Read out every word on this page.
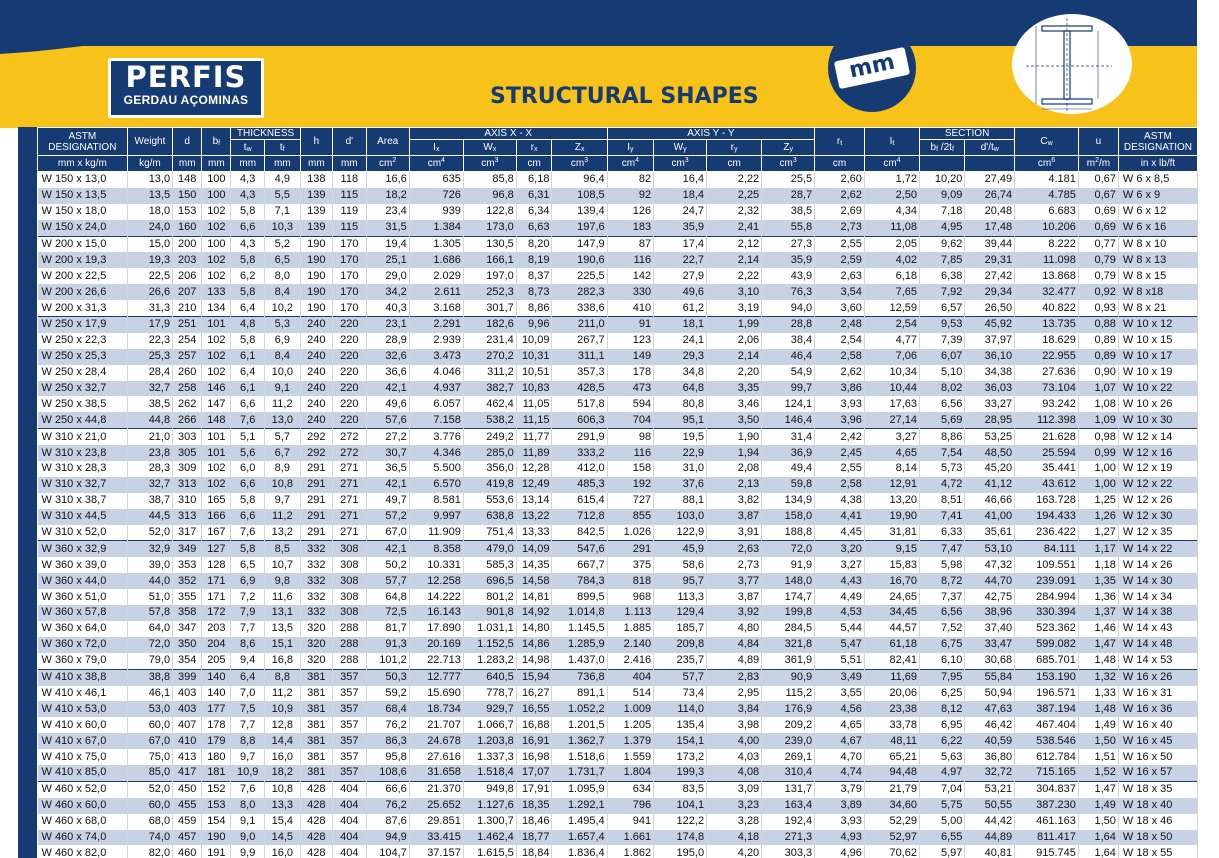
PERFIS
GERDAU AÇOMINAS	STRUCTURAL SHAPES
mm
ASTM
DESIGNATION	Weight	d	$b_f$	THICKNESS		h	d'	Area	AXIS X - X				AXIS Y - Y				$r_t$	$I_t$	SECTION		$C_w$	u	ASTM
DESIGNATION
				$t_w$	$t_f$				$I_x$	$W_x$	$r_x$	$Z_x$	$I_y$	$W_y$	$r_y$	$Z_y$			$b_f$ $/2t_f$	$d'/t_w$
mm x kg/m	kg/m	mm	mm	mm	mm	mm	mm	$cm^2$	$cm^4$	$cm^3$	cm	$cm^3$	$cm^4$	$cm^3$	cm	$cm^3$	cm	$cm^4$			$cm^6$	$m^2/m$	in x lb/ft
W 150 x 13,0	13,0	148	100	4,3	4,9	138	118	16,6	635	85,8	6,18	96,4	82	16,4	2,22	25,5	2,60	1,72	10,20	27,49	4.181	0,67	W 6 x 8,5
W 150 x 13,5	13,5	150	100	4,3	5,5	139	115	18,2	726	96,8	6,31	108,5	92	18,4	2,25	28,7	2,62	2,50	9,09	26,74	4.785	0,67	W 6 x 9
W 150 x 18,0	18,0	153	102	5,8	7,1	139	119	23,4	939	122,8	6,34	139,4	126	24,7	2,32	38,5	2,69	4,34	7,18	20,48	6.683	0,69	W 6 x 12
W 150 x 24,0	24,0	160	102	6,6	10,3	139	115	31,5	1.384	173,0	6,63	197,6	183	35,9	2,41	55,8	2,73	11,08	4,95	17,48	10.206	0,69	W 6 x 16
W 200 x 15,0	15,0	200	100	4,3	5,2	190	170	19,4	1.305	130,5	8,20	147,9	87	17,4	2,12	27,3	2,55	2,05	9,62	39,44	8.222	0,77	W 8 x 10
W 200 x 19,3	19,3	203	102	5,8	6,5	190	170	25,1	1.686	166,1	8,19	190,6	116	22,7	2,14	35,9	2,59	4,02	7,85	29,31	11.098	0,79	W 8 x 13
W 200 x 22,5	22,5	206	102	6,2	8,0	190	170	29,0	2.029	197,0	8,37	225,5	142	27,9	2,22	43,9	2,63	6,18	6,38	27,42	13.868	0,79	W 8 x 15
W 200 x 26,6	26,6	207	133	5,8	8,4	190	170	34,2	2.611	252,3	8,73	282,3	330	49,6	3,10	76,3	3,54	7,65	7,92	29,34	32.477	0,92	W 8 x18
W 200 x 31,3	31,3	210	134	6,4	10,2	190	170	40,3	3.168	301,7	8,86	338,6	410	61,2	3,19	94,0	3,60	12,59	6,57	26,50	40.822	0,93	W 8 x 21
W 250 x 17,9	17,9	251	101	4,8	5,3	240	220	23,1	2.291	182,6	9,96	211,0	91	18,1	1,99	28,8	2,48	2,54	9,53	45,92	13.735	0,88	W 10 x 12
W 250 x 22,3	22,3	254	102	5,8	6,9	240	220	28,9	2.939	231,4	10,09	267,7	123	24,1	2,06	38,4	2,54	4,77	7,39	37,97	18.629	0,89	W 10 x 15
W 250 x 25,3	25,3	257	102	6,1	8,4	240	220	32,6	3.473	270,2	10,31	311,1	149	29,3	2,14	46,4	2,58	7,06	6,07	36,10	22.955	0,89	W 10 x 17
W 250 x 28,4	28,4	260	102	6,4	10,0	240	220	36,6	4.046	311,2	10,51	357,3	178	34,8	2,20	54,9	2,62	10,34	5,10	34,38	27.636	0,90	W 10 x 19
W 250 x 32,7	32,7	258	146	6,1	9,1	240	220	42,1	4.937	382,7	10,83	428,5	473	64,8	3,35	99,7	3,86	10,44	8,02	36,03	73.104	1,07	W 10 x 22
W 250 x 38,5	38,5	262	147	6,6	11,2	240	220	49,6	6.057	462,4	11,05	517,8	594	80,8	3,46	124,1	3,93	17,63	6,56	33,27	93.242	1,08	W 10 x 26
W 250 x 44,8	44,8	266	148	7,6	13,0	240	220	57,6	7.158	538,2	11,15	606,3	704	95,1	3,50	146,4	3,96	27,14	5,69	28,95	112.398	1,09	W 10 x 30
W 310 x 21,0	21,0	303	101	5,1	5,7	292	272	27,2	3.776	249,2	11,77	291,9	98	19,5	1,90	31,4	2,42	3,27	8,86	53,25	21.628	0,98	W 12 x 14
W 310 x 23,8	23,8	305	101	5,6	6,7	292	272	30,7	4.346	285,0	11,89	333,2	116	22,9	1,94	36,9	2,45	4,65	7,54	48,50	25.594	0,99	W 12 x 16
W 310 x 28,3	28,3	309	102	6,0	8,9	291	271	36,5	5.500	356,0	12,28	412,0	158	31,0	2,08	49,4	2,55	8,14	5,73	45,20	35.441	1,00	W 12 x 19
W 310 x 32,7	32,7	313	102	6,6	10,8	291	271	42,1	6.570	419,8	12,49	485,3	192	37,6	2,13	59,8	2,58	12,91	4,72	41,12	43.612	1,00	W 12 x 22
W 310 x 38,7	38,7	310	165	5,8	9,7	291	271	49,7	8.581	553,6	13,14	615,4	727	88,1	3,82	134,9	4,38	13,20	8,51	46,66	163.728	1,25	W 12 x 26
W 310 x 44,5	44,5	313	166	6,6	11,2	291	271	57,2	9.997	638,8	13,22	712,8	855	103,0	3,87	158,0	4,41	19,90	7,41	41,00	194.433	1,26	W 12 x 30
W 310 x 52,0	52,0	317	167	7,6	13,2	291	271	67,0	11.909	751,4	13,33	842,5	1.026	122,9	3,91	188,8	4,45	31,81	6,33	35,61	236.422	1,27	W 12 x 35
W 360 x 32,9	32,9	349	127	5,8	8,5	332	308	42,1	8.358	479,0	14,09	547,6	291	45,9	2,63	72,0	3,20	9,15	7,47	53,10	84.111	1,17	W 14 x 22
W 360 x 39,0	39,0	353	128	6,5	10,7	332	308	50,2	10.331	585,3	14,35	667,7	375	58,6	2,73	91,9	3,27	15,83	5,98	47,32	109.551	1,18	W 14 x 26
W 360 x 44,0	44,0	352	171	6,9	9,8	332	308	57,7	12.258	696,5	14,58	784,3	818	95,7	3,77	148,0	4,43	16,70	8,72	44,70	239.091	1,35	W 14 x 30
W 360 x 51,0	51,0	355	171	7,2	11,6	332	308	64,8	14.222	801,2	14,81	899,5	968	113,3	3,87	174,7	4,49	24,65	7,37	42,75	284.994	1,36	W 14 x 34
W 360 x 57,8	57,8	358	172	7,9	13,1	332	308	72,5	16.143	901,8	14,92	1.014,8	1.113	129,4	3,92	199,8	4,53	34,45	6,56	38,96	330.394	1,37	W 14 x 38
W 360 x 64,0	64,0	347	203	7,7	13,5	320	288	81,7	17.890	1.031,1	14,80	1.145,5	1.885	185,7	4,80	284,5	5,44	44,57	7,52	37,40	523.362	1,46	W 14 x 43
W 360 x 72,0	72,0	350	204	8,6	15,1	320	288	91,3	20.169	1.152,5	14,86	1.285,9	2.140	209,8	4,84	321,8	5,47	61,18	6,75	33,47	599.082	1,47	W 14 x 48
W 360 x 79,0	79,0	354	205	9,4	16,8	320	288	101,2	22.713	1.283,2	14,98	1.437,0	2.416	235,7	4,89	361,9	5,51	82,41	6,10	30,68	685.701	1,48	W 14 x 53
W 410 x 38,8	38,8	399	140	6,4	8,8	381	357	50,3	12.777	640,5	15,94	736,8	404	57,7	2,83	90,9	3,49	11,69	7,95	55,84	153.190	1,32	W 16 x 26
W 410 x 46,1	46,1	403	140	7,0	11,2	381	357	59,2	15.690	778,7	16,27	891,1	514	73,4	2,95	115,2	3,55	20,06	6,25	50,94	196.571	1,33	W 16 x 31
W 410 x 53,0	53,0	403	177	7,5	10,9	381	357	68,4	18.734	929,7	16,55	1.052,2	1.009	114,0	3,84	176,9	4,56	23,38	8,12	47,63	387.194	1,48	W 16 x 36
W 410 x 60,0	60,0	407	178	7,7	12,8	381	357	76,2	21.707	1.066,7	16,88	1.201,5	1.205	135,4	3,98	209,2	4,65	33,78	6,95	46,42	467.404	1,49	W 16 x 40
W 410 x 67,0	67,0	410	179	8,8	14,4	381	357	86,3	24.678	1.203,8	16,91	1.362,7	1.379	154,1	4,00	239,0	4,67	48,11	6,22	40,59	538.546	1,50	W 16 x 45
W 410 x 75,0	75,0	413	180	9,7	16,0	381	357	95,8	27.616	1.337,3	16,98	1.518,6	1.559	173,2	4,03	269,1	4,70	65,21	5,63	36,80	612.784	1,51	W 16 x 50
W 410 x 85,0	85,0	417	181	10,9	18,2	381	357	108,6	31.658	1.518,4	17,07	1.731,7	1.804	199,3	4,08	310,4	4,74	94,48	4,97	32,72	715.165	1,52	W 16 x 57
W 460 x 52,0	52,0	450	152	7,6	10,8	428	404	66,6	21.370	949,8	17,91	1.095,9	634	83,5	3,09	131,7	3,79	21,79	7,04	53,21	304.837	1,47	W 18 x 35
W 460 x 60,0	60,0	455	153	8,0	13,3	428	404	76,2	25.652	1.127,6	18,35	1.292,1	796	104,1	3,23	163,4	3,89	34,60	5,75	50,55	387.230	1,49	W 18 x 40
W 460 x 68,0	68,0	459	154	9,1	15,4	428	404	87,6	29.851	1.300,7	18,46	1.495,4	941	122,2	3,28	192,4	3,93	52,29	5,00	44,42	461.163	1,50	W 18 x 46
W 460 x 74,0	74,0	457	190	9,0	14,5	428	404	94,9	33.415	1.462,4	18,77	1.657,4	1.661	174,8	4,18	271,3	4,93	52,97	6,55	44,89	811.417	1,64	W 18 x 50
W 460 x 82,0	82,0	460	191	9,9	16,0	428	404	104,7	37.157	1.615,5	18,84	1.836,4	1.862	195,0	4,20	303,3	4,96	70,62	5,97	40,81	915.745	1,64	W 18 x 55
